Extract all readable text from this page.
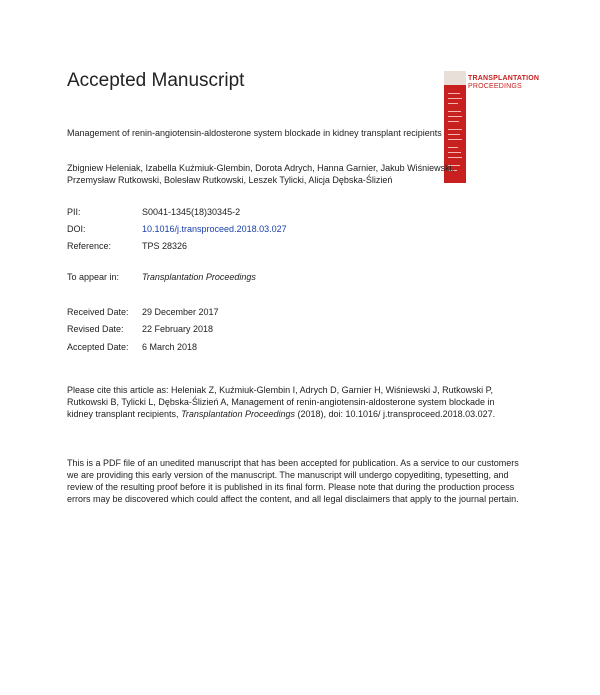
Accepted Manuscript	TRANSPLANTATION
PROCEEDINGS
Management of renin-angiotensin-aldosterone system blockade in kidney transplant recipients
Zbigniew Heleniak, Izabella Kuźmiuk-Glembin, Dorota Adrych, Hanna Garnier, Jakub Wiśniewski, Przemysław Rutkowski, Bolesław Rutkowski, Leszek Tylicki, Alicja Dębska-Ślizień
PII:	S0041-1345(18)30345-2
DOI:	10.1016/j.transproceed.2018.03.027
Reference:	TPS 28326
To appear in:	Transplantation Proceedings
Received Date: 29 December 2017
Revised Date: 22 February 2018
Accepted Date: 6 March 2018
Please cite this article as: Heleniak Z, Kuźmiuk-Glembin I, Adrych D, Garnier H, Wiśniewski J, Rutkowski P, Rutkowski B, Tylicki L, Dębska-Ślizień A, Management of renin-angiotensin-aldosterone system blockade in kidney transplant recipients, Transplantation Proceedings (2018), doi: 10.1016/ j.transproceed.2018.03.027.
This is a PDF file of an unedited manuscript that has been accepted for publication. As a service to our customers we are providing this early version of the manuscript. The manuscript will undergo copyediting, typesetting, and review of the resulting proof before it is published in its final form. Please note that during the production process errors may be discovered which could affect the content, and all legal disclaimers that apply to the journal pertain.
